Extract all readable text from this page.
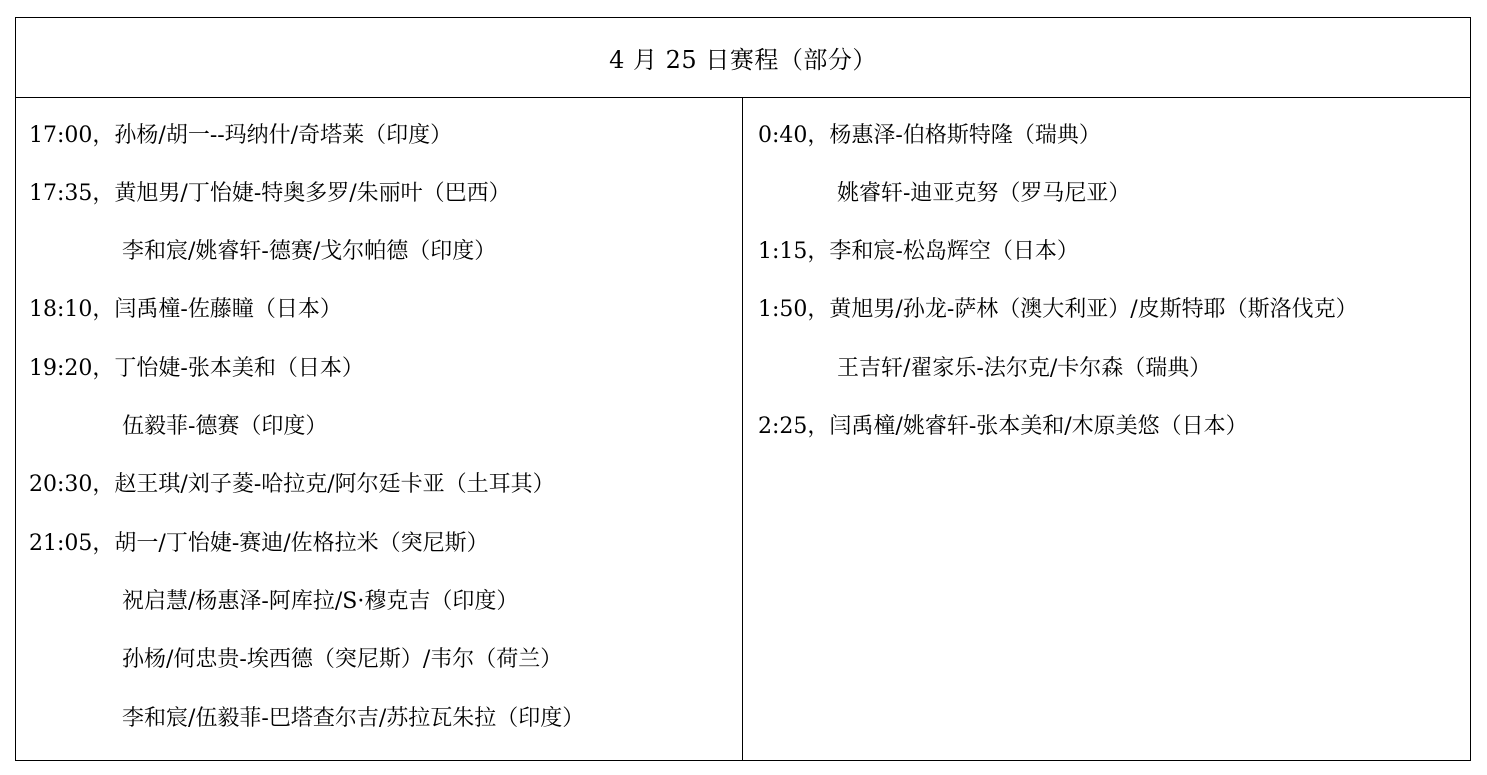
4 月 25 日赛程（部分）
17:00，孙杨/胡一--玛纳什/奇塔莱（印度）
17:35，黄旭男/丁怡婕-特奥多罗/朱丽叶（巴西）
李和宸/姚睿轩-德赛/戈尔帕德（印度）
18:10，闫禹橦-佐藤瞳（日本）
19:20，丁怡婕-张本美和（日本）
伍毅菲-德赛（印度）
20:30，赵王琪/刘子菱-哈拉克/阿尔廷卡亚（土耳其）
21:05，胡一/丁怡婕-赛迪/佐格拉米（突尼斯）
祝启慧/杨惠泽-阿库拉/S·穆克吉（印度）
孙杨/何忠贵-埃西德（突尼斯）/韦尔（荷兰）
李和宸/伍毅菲-巴塔查尔吉/苏拉瓦朱拉（印度）
0:40，杨惠泽-伯格斯特隆（瑞典）
姚睿轩-迪亚克努（罗马尼亚）
1:15，李和宸-松岛辉空（日本）
1:50，黄旭男/孙龙-萨林（澳大利亚）/皮斯特耶（斯洛伐克）
王吉轩/翟家乐-法尔克/卡尔森（瑞典）
2:25，闫禹橦/姚睿轩-张本美和/木原美悠（日本）
